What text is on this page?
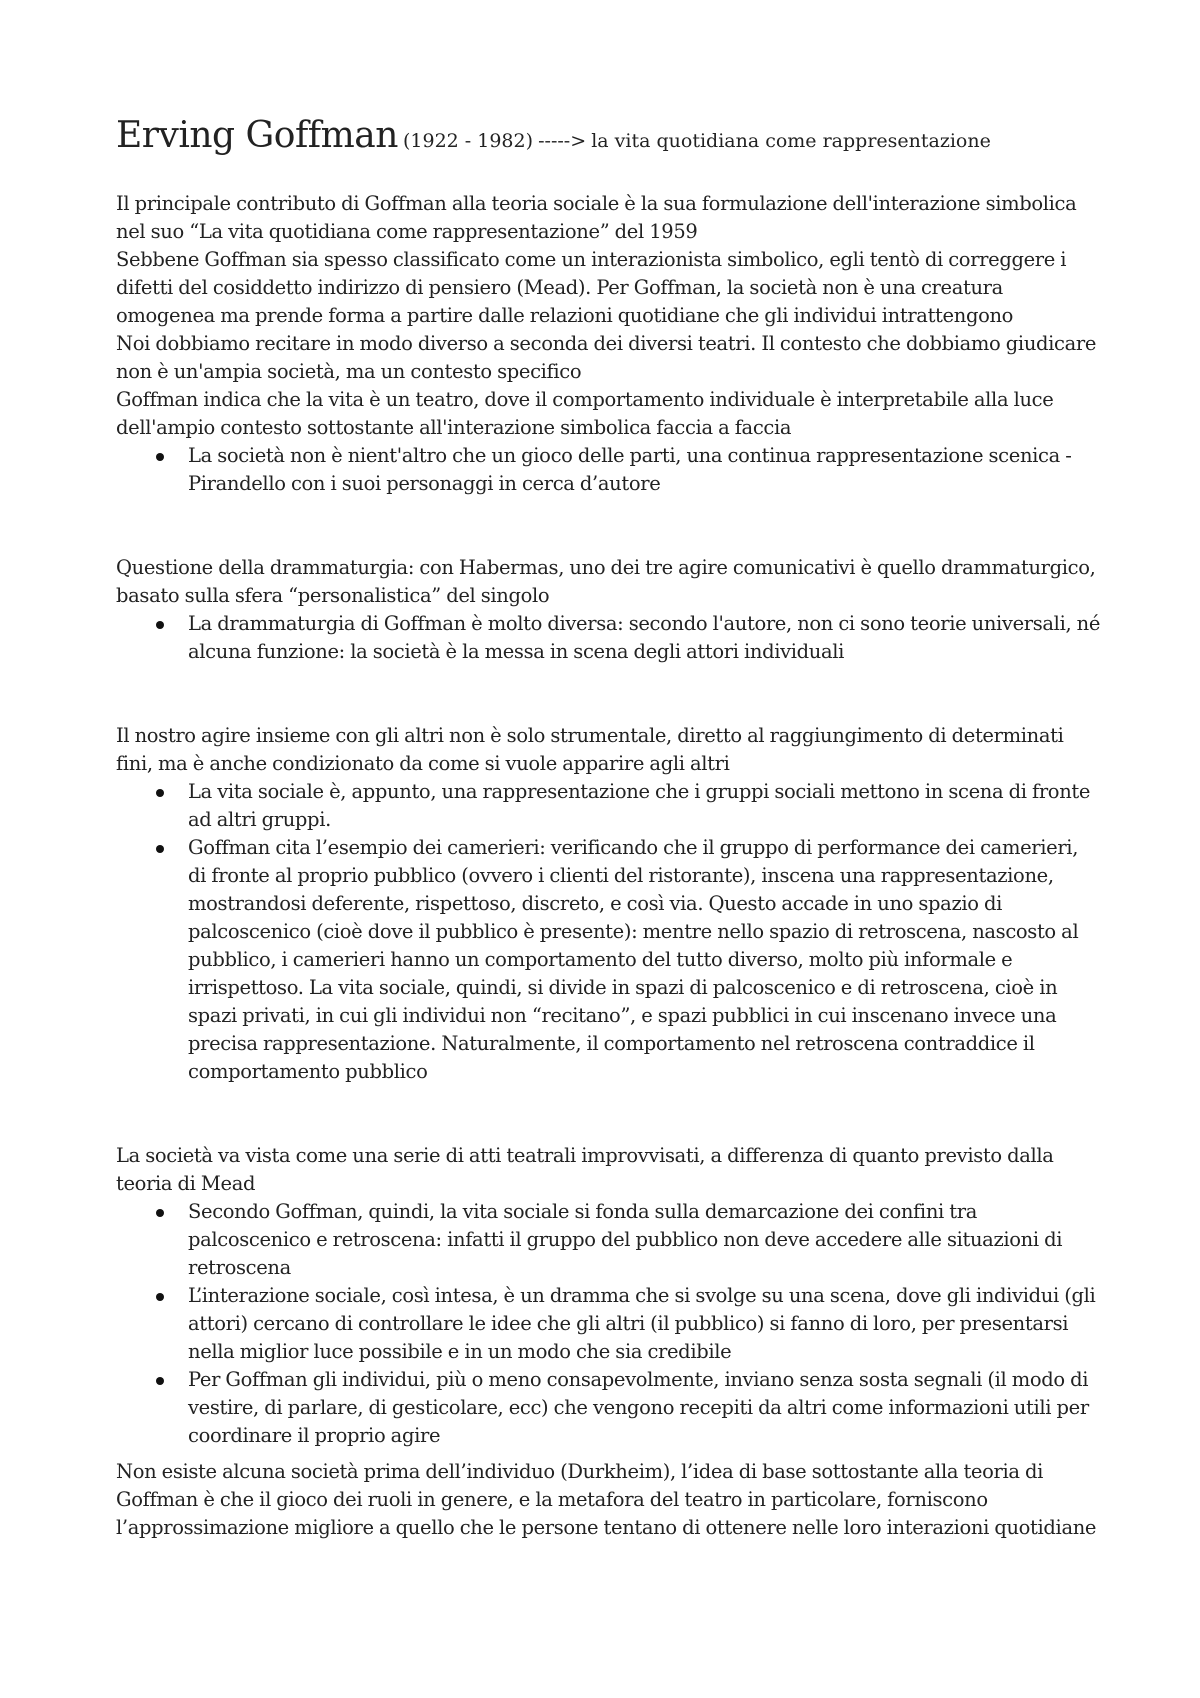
Erving Goffman (1922 - 1982) -----> la vita quotidiana come rappresentazione

Il principale contributo di Goffman alla teoria sociale è la sua formulazione dell'interazione simbolica nel suo “La vita quotidiana come rappresentazione” del 1959

Sebbene Goffman sia spesso classificato come un interazionista simbolico, egli tentò di correggere i difetti del cosiddetto indirizzo di pensiero (Mead). Per Goffman, la società non è una creatura omogenea ma prende forma a partire dalle relazioni quotidiane che gli individui intrattengono

Noi dobbiamo recitare in modo diverso a seconda dei diversi teatri. Il contesto che dobbiamo giudicare non è un'ampia società, ma un contesto specifico

Goffman indica che la vita è un teatro, dove il comportamento individuale è interpretabile alla luce dell'ampio contesto sottostante all'interazione simbolica faccia a faccia

La società non è nient'altro che un gioco delle parti, una continua rappresentazione scenica - Pirandello con i suoi personaggi in cerca d’autore

Questione della drammaturgia: con Habermas, uno dei tre agire comunicativi è quello drammaturgico, basato sulla sfera “personalistica” del singolo

La drammaturgia di Goffman è molto diversa: secondo l'autore, non ci sono teorie universali, né alcuna funzione: la società è la messa in scena degli attori individuali

Il nostro agire insieme con gli altri non è solo strumentale, diretto al raggiungimento di determinati fini, ma è anche condizionato da come si vuole apparire agli altri

La vita sociale è, appunto, una rappresentazione che i gruppi sociali mettono in scena di fronte ad altri gruppi.
Goffman cita l’esempio dei camerieri: verificando che il gruppo di performance dei camerieri, di fronte al proprio pubblico (ovvero i clienti del ristorante), inscena una rappresentazione, mostrandosi deferente, rispettoso, discreto, e così via. Questo accade in uno spazio di palcoscenico (cioè dove il pubblico è presente): mentre nello spazio di retroscena, nascosto al pubblico, i camerieri hanno un comportamento del tutto diverso, molto più informale e irrispettoso. La vita sociale, quindi, si divide in spazi di palcoscenico e di retroscena, cioè in spazi privati, in cui gli individui non “recitano”, e spazi pubblici in cui inscenano invece una precisa rappresentazione. Naturalmente, il comportamento nel retroscena contraddice il comportamento pubblico

La società va vista come una serie di atti teatrali improvvisati, a differenza di quanto previsto dalla teoria di Mead

Secondo Goffman, quindi, la vita sociale si fonda sulla demarcazione dei confini tra palcoscenico e retroscena: infatti il gruppo del pubblico non deve accedere alle situazioni di retroscena
L’interazione sociale, così intesa, è un dramma che si svolge su una scena, dove gli individui (gli attori) cercano di controllare le idee che gli altri (il pubblico) si fanno di loro, per presentarsi nella miglior luce possibile e in un modo che sia credibile
Per Goffman gli individui, più o meno consapevolmente, inviano senza sosta segnali (il modo di vestire, di parlare, di gesticolare, ecc) che vengono recepiti da altri come informazioni utili per coordinare il proprio agire

Non esiste alcuna società prima dell’individuo (Durkheim), l’idea di base sottostante alla teoria di Goffman è che il gioco dei ruoli in genere, e la metafora del teatro in particolare, forniscono l’approssimazione migliore a quello che le persone tentano di ottenere nelle loro interazioni quotidiane
